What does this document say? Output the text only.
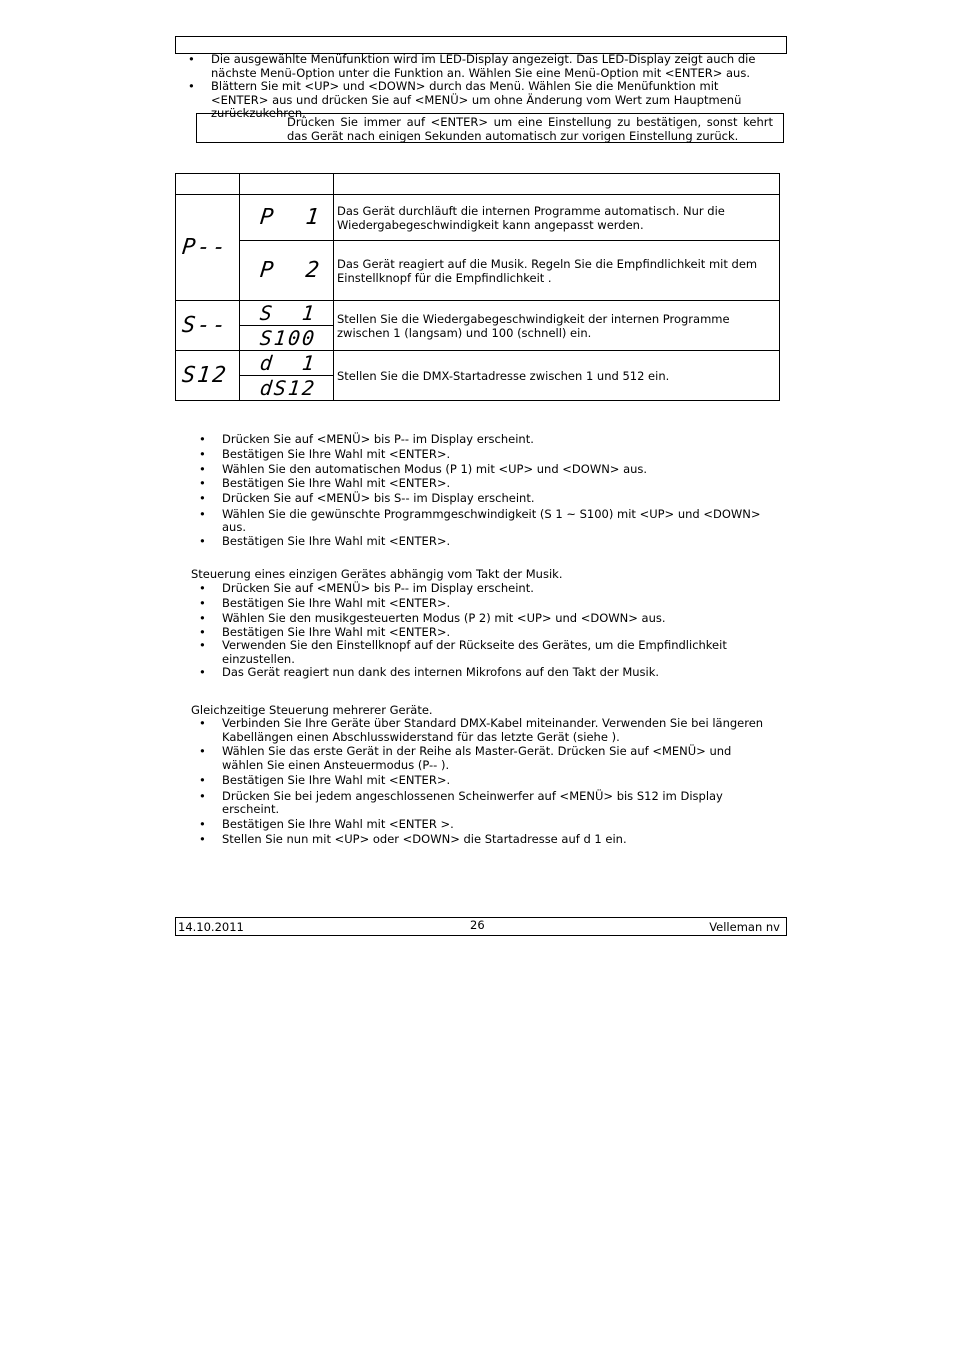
• Die ausgewählte Menüfunktion wird im LED-Display angezeigt. Das LED-Display zeigt auch die nächste Menü-Option unter die Funktion an. Wählen Sie eine Menü-Option mit <ENTER> aus.
• Blättern Sie mit <UP> und <DOWN> durch das Menü. Wählen Sie die Menüfunktion mit <ENTER> aus und drücken Sie auf <MENÜ> um ohne Änderung vom Wert zum Hauptmenü zurückzukehren.
Drücken Sie immer auf <ENTER> um eine Einstellung zu bestätigen, sonst kehrt das Gerät nach einigen Sekunden automatisch zur vorigen Einstellung zurück.

P--	P  1	Das Gerät durchläuft die internen Programme automatisch. Nur die Wiedergabegeschwindigkeit kann angepasst werden.
	P  2	Das Gerät reagiert auf die Musik. Regeln Sie die Empfindlichkeit mit dem Einstellknopf für die Empfindlichkeit .
S--	S  1	Stellen Sie die Wiedergabegeschwindigkeit der internen Programme zwischen 1 (langsam) und 100 (schnell) ein.
	S100	
S12	d  1	Stellen Sie die DMX-Startadresse zwischen 1 und 512 ein.
	dS12	
• Drücken Sie auf <MENÜ> bis P-- im Display erscheint.
• Bestätigen Sie Ihre Wahl mit <ENTER>.
• Wählen Sie den automatischen Modus (P 1) mit <UP> und <DOWN> aus.
• Bestätigen Sie Ihre Wahl mit <ENTER>.
• Drücken Sie auf <MENÜ> bis S-- im Display erscheint.
• Wählen Sie die gewünschte Programmgeschwindigkeit (S 1 ~ S100) mit <UP> und <DOWN> aus.
• Bestätigen Sie Ihre Wahl mit <ENTER>.
Steuerung eines einzigen Gerätes abhängig vom Takt der Musik.
• Drücken Sie auf <MENÜ> bis P-- im Display erscheint.
• Bestätigen Sie Ihre Wahl mit <ENTER>.
• Wählen Sie den musikgesteuerten Modus (P 2) mit <UP> und <DOWN> aus.
• Bestätigen Sie Ihre Wahl mit <ENTER>.
• Verwenden Sie den Einstellknopf auf der Rückseite des Gerätes, um die Empfindlichkeit einzustellen.
• Das Gerät reagiert nun dank des internen Mikrofons auf den Takt der Musik.
Gleichzeitige Steuerung mehrerer Geräte.
• Verbinden Sie Ihre Geräte über Standard DMX-Kabel miteinander. Verwenden Sie bei längeren Kabellängen einen Abschlusswiderstand für das letzte Gerät (siehe ).
• Wählen Sie das erste Gerät in der Reihe als Master-Gerät. Drücken Sie auf <MENÜ> und wählen Sie einen Ansteuermodus (P-- ).
• Bestätigen Sie Ihre Wahl mit <ENTER>.
• Drücken Sie bei jedem angeschlossenen Scheinwerfer auf <MENÜ> bis S12 im Display erscheint.
• Bestätigen Sie Ihre Wahl mit <ENTER >.
• Stellen Sie nun mit <UP> oder <DOWN> die Startadresse auf d 1 ein.
14.10.2011	26	Velleman nv
